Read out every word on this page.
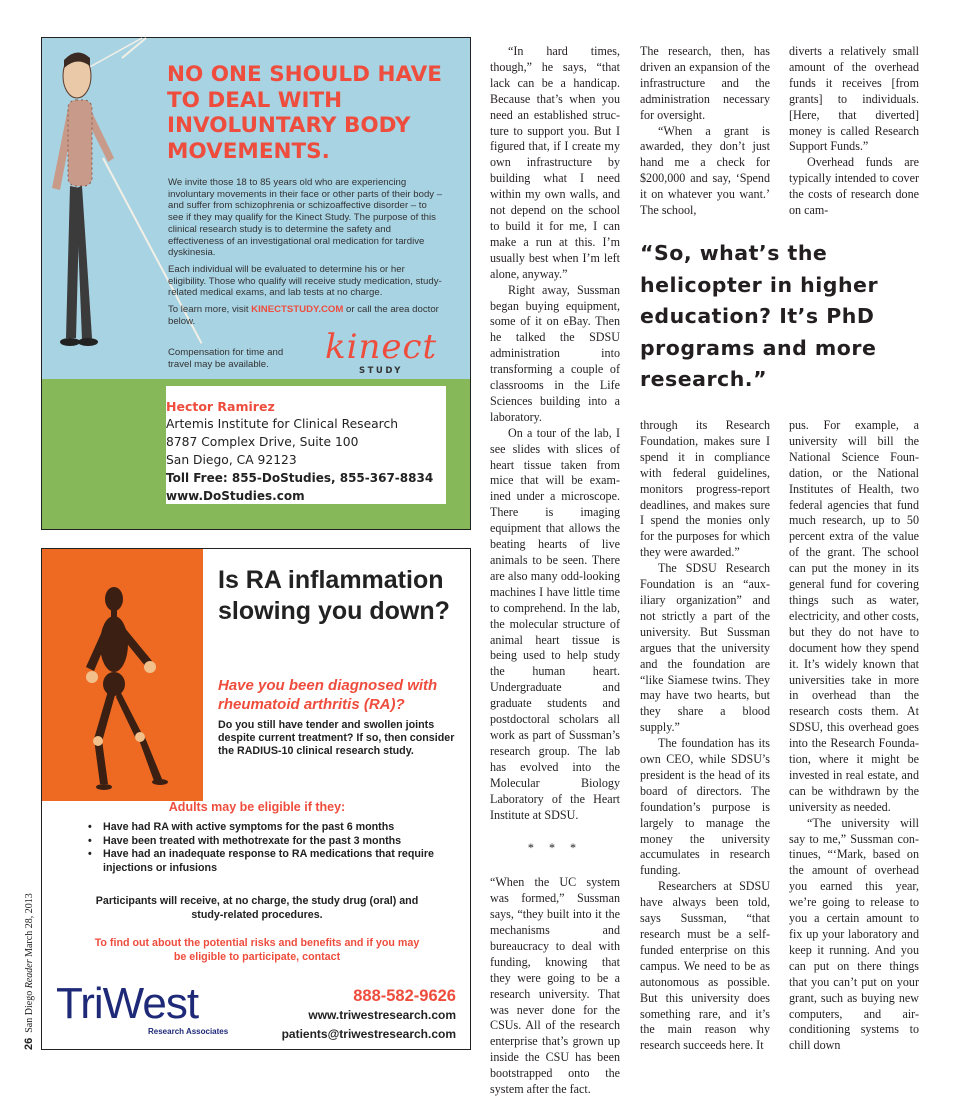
NO ONE SHOULD HAVE TO DEAL WITH INVOLUNTARY BODY MOVEMENTS.

We invite those 18 to 85 years old who are experiencing involuntary movements in their face or other parts of their body – and suffer from schizophrenia or schizoaffective disorder – to see if they may qualify for the Kinect Study. The purpose of this clinical research study is to determine the safety and effectiveness of an investigational oral medication for tardive dyskinesia.

Each individual will be evaluated to determine his or her eligibility. Those who qualify will receive study medication, study-related medical exams, and lab tests at no charge.

To learn more, visit KINECTSTUDY.COM or call the area doctor below.

Compensation for time and travel may be available.	kinect
STUDY
Hector Ramirez
Artemis Institute for Clinical Research
8787 Complex Drive, Suite 100
San Diego, CA 92123
Toll Free: 855-DoStudies, 855-367-8834
www.DoStudies.com
Is RA inflammation slowing you down?
Have you been diagnosed with rheumatoid arthritis (RA)?
Do you still have tender and swollen joints despite current treatment? If so, then consider the RADIUS-10 clinical research study.
Adults may be eligible if they:
• Have had RA with active symptoms for the past 6 months
• Have been treated with methotrexate for the past 3 months
• Have had an inadequate response to RA medications that require injections or infusions
Participants will receive, at no charge, the study drug (oral) and study-related procedures.
To find out about the potential risks and benefits and if you may be eligible to participate, contact
TriWest
Research Associates
888-582-9626
www.triwestresearch.com
patients@triwestresearch.com
26  San Diego Reader March 28, 2013

“In hard times, though,” he says, “that lack can be a handicap. Because that’s when you need an established structure to support you. But I figured that, if I create my own infrastructure by building what I need within my own walls, and not depend on the school to build it for me, I can make a run at this. I’m usually best when I’m left alone, anyway.”

Right away, Sussman began buying equipment, some of it on eBay. Then he talked the SDSU administration into transforming a couple of classrooms in the Life Sciences building into a laboratory.

On a tour of the lab, I see slides with slices of heart tissue taken from mice that will be examined under a microscope. There is imaging equipment that allows the beating hearts of live animals to be seen. There are also many odd-looking machines I have little time to comprehend. In the lab, the molecular structure of animal heart tissue is being used to help study the human heart. Undergraduate and graduate students and postdoctoral scholars all work as part of Sussman’s research group. The lab has evolved into the Molecular Biology Laboratory of the Heart Institute at SDSU.

* * *

“When the UC system was formed,” Sussman says, “they built into it the mechanisms and bureaucracy to deal with funding, knowing that they were going to be a research university. That was never done for the CSUs. All of the research enterprise that’s grown up inside the CSU has been bootstrapped onto the system after the fact.

The research, then, has driven an expansion of the infrastructure and the administration necessary for oversight.

“When a grant is awarded, they don’t just hand me a check for $200,000 and say, ‘Spend it on whatever you want.’ The school,

diverts a relatively small amount of the overhead funds it receives [from grants] to individuals. [Here, that diverted] money is called Research Support Funds.”

Overhead funds are typically intended to cover the costs of research done on cam-

“So, what’s the helicopter in higher education? It’s PhD programs and more research.”

through its Research Foundation, makes sure I spend it in compliance with federal guidelines, monitors progress-report deadlines, and makes sure I spend the monies only for the purposes for which they were awarded.”

The SDSU Research Foundation is an “auxiliary organization” and not strictly a part of the university. But Sussman argues that the university and the foundation are “like Siamese twins. They may have two hearts, but they share a blood supply.”

The foundation has its own CEO, while SDSU’s president is the head of its board of directors. The foundation’s purpose is largely to manage the money the university accumulates in research funding.

Researchers at SDSU have always been told, says Sussman, “that research must be a self-funded enterprise on this campus. We need to be as autonomous as possible. But this university does something rare, and it’s the main reason why research succeeds here. It

pus. For example, a university will bill the National Science Foundation, or the National Institutes of Health, two federal agencies that fund much research, up to 50 percent extra of the value of the grant. The school can put the money in its general fund for covering things such as water, electricity, and other costs, but they do not have to document how they spend it. It’s widely known that universities take in more in overhead than the research costs them. At SDSU, this overhead goes into the Research Foundation, where it might be invested in real estate, and can be withdrawn by the university as needed.

“The university will say to me,” Sussman continues, “‘Mark, based on the amount of overhead you earned this year, we’re going to release to you a certain amount to fix up your laboratory and keep it running. And you can put on there things that you can’t put on your grant, such as buying new computers, and air-conditioning systems to chill down
